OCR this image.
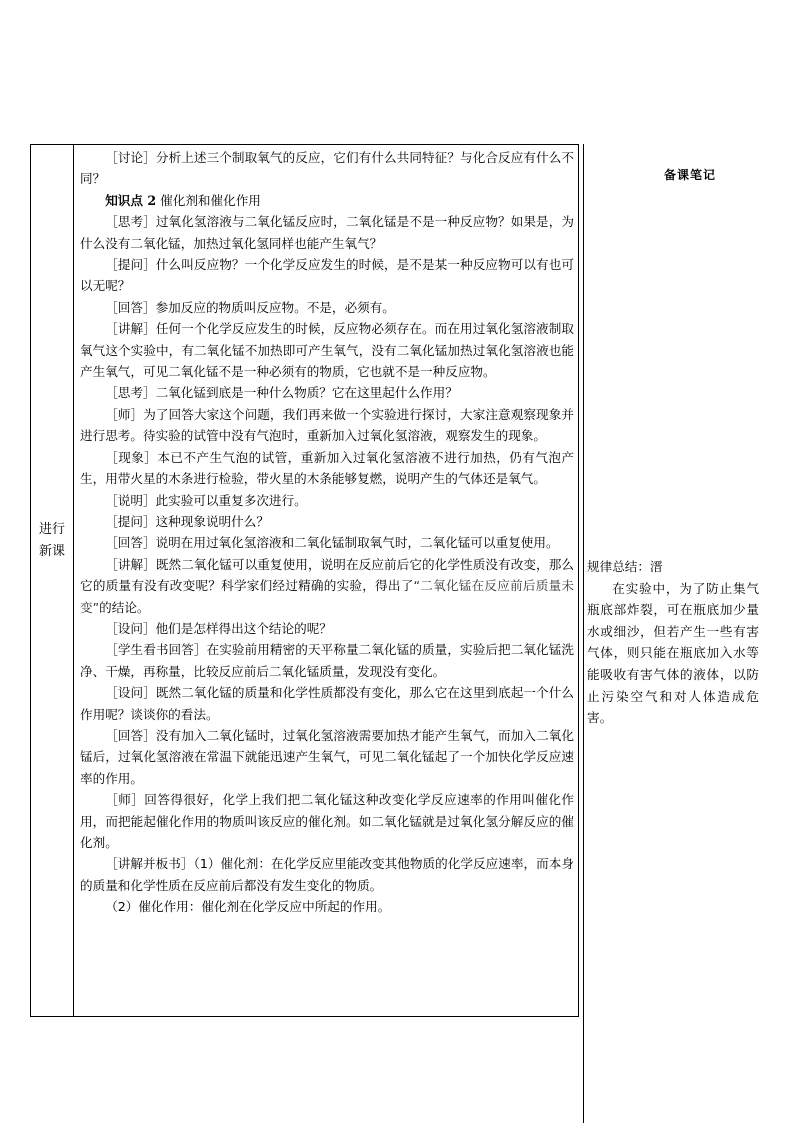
进行
新课

［讨论］分析上述三个制取氧气的反应，它们有什么共同特征？与化合反应有什么不同？

知识点 2 催化剂和催化作用

［思考］过氧化氢溶液与二氧化锰反应时，二氧化锰是不是一种反应物？如果是，为什么没有二氧化锰，加热过氧化氢同样也能产生氧气？

［提问］什么叫反应物？一个化学反应发生的时候，是不是某一种反应物可以有也可以无呢？

［回答］参加反应的物质叫反应物。不是，必须有。

［讲解］任何一个化学反应发生的时候，反应物必须存在。而在用过氧化氢溶液制取氧气这个实验中，有二氧化锰不加热即可产生氧气，没有二氧化锰加热过氧化氢溶液也能产生氧气，可见二氧化锰不是一种必须有的物质，它也就不是一种反应物。

［思考］二氧化锰到底是一种什么物质？它在这里起什么作用？

［师］为了回答大家这个问题，我们再来做一个实验进行探讨，大家注意观察现象并进行思考。待实验的试管中没有气泡时，重新加入过氧化氢溶液，观察发生的现象。

［现象］本已不产生气泡的试管，重新加入过氧化氢溶液不进行加热，仍有气泡产生，用带火星的木条进行检验，带火星的木条能够复燃，说明产生的气体还是氧气。

［说明］此实验可以重复多次进行。

［提问］这种现象说明什么？

［回答］说明在用过氧化氢溶液和二氧化锰制取氧气时，二氧化锰可以重复使用。

［讲解］既然二氧化锰可以重复使用，说明在反应前后它的化学性质没有改变，那么它的质量有没有改变呢？科学家们经过精确的实验，得出了“二氧化锰在反应前后质量未变”的结论。

［设问］他们是怎样得出这个结论的呢？

［学生看书回答］在实验前用精密的天平称量二氧化锰的质量，实验后把二氧化锰洗净、干燥，再称量，比较反应前后二氧化锰质量，发现没有变化。

［设问］既然二氧化锰的质量和化学性质都没有变化，那么它在这里到底起一个什么作用呢？谈谈你的看法。

［回答］没有加入二氧化锰时，过氧化氢溶液需要加热才能产生氧气，而加入二氧化锰后，过氧化氢溶液在常温下就能迅速产生氧气，可见二氧化锰起了一个加快化学反应速率的作用。

［师］回答得很好，化学上我们把二氧化锰这种改变化学反应速率的作用叫催化作用，而把能起催化作用的物质叫该反应的催化剂。如二氧化锰就是过氧化氢分解反应的催化剂。

［讲解并板书］（1）催化剂：在化学反应里能改变其他物质的化学反应速率，而本身的质量和化学性质在反应前后都没有发生变化的物质。

（2）催化作用：催化剂在化学反应中所起的作用。

备课笔记
规律总结：溍
在实验中，为了防止集气瓶底部炸裂，可在瓶底加少量水或细沙，但若产生一些有害气体，则只能在瓶底加入水等能吸收有害气体的液体，以防止污染空气和对人体造成危害。
